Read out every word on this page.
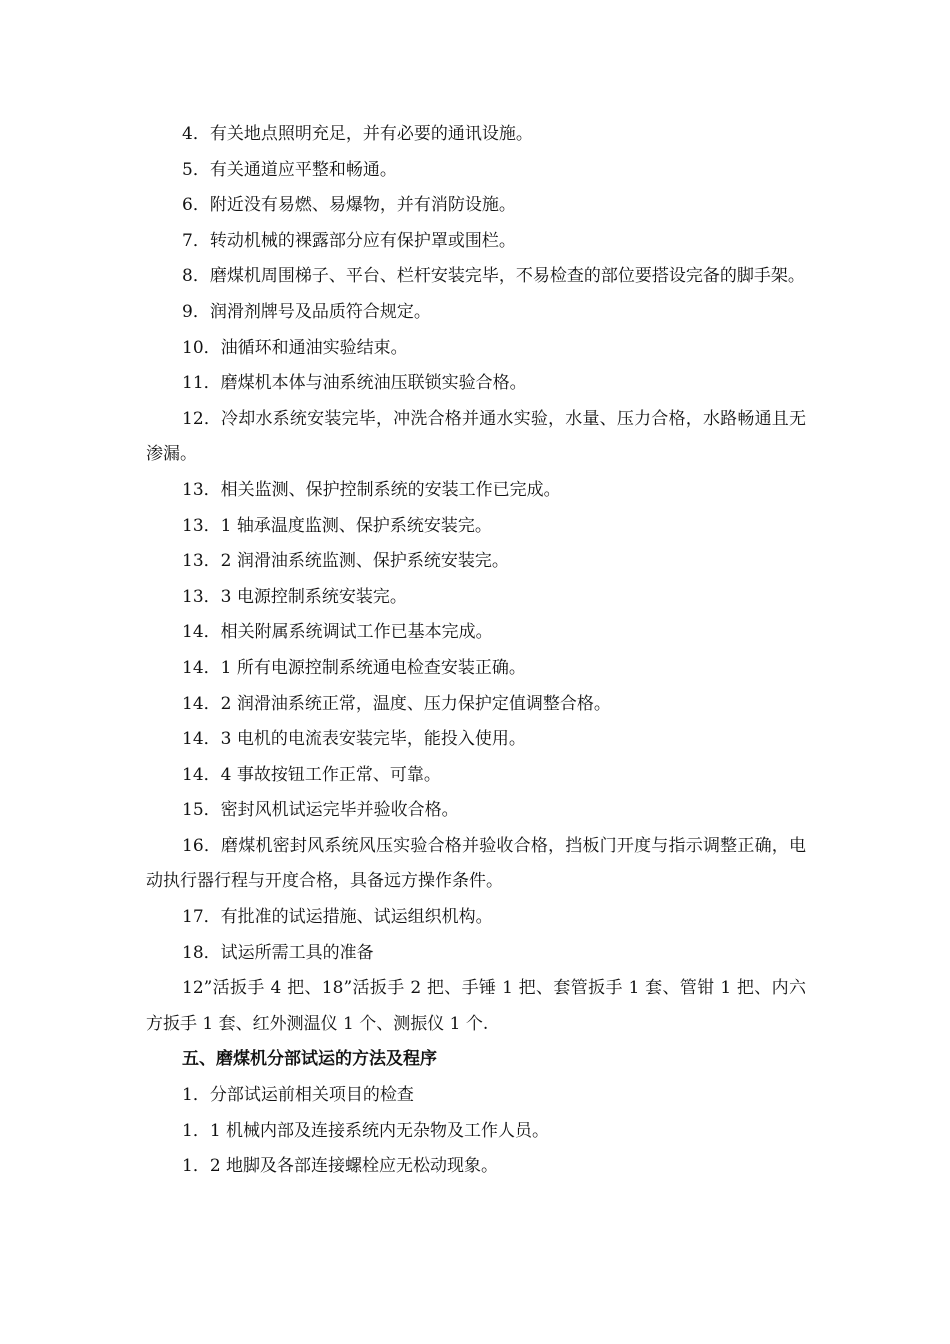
4．有关地点照明充足，并有必要的通讯设施。

5．有关通道应平整和畅通。

6．附近没有易燃、易爆物，并有消防设施。

7．转动机械的裸露部分应有保护罩或围栏。

8．磨煤机周围梯子、平台、栏杆安装完毕，不易检查的部位要搭设完备的脚手架。

9．润滑剂牌号及品质符合规定。

10．油循环和通油实验结束。

11．磨煤机本体与油系统油压联锁实验合格。

12．冷却水系统安装完毕，冲洗合格并通水实验，水量、压力合格，水路畅通且无渗漏。

13．相关监测、保护控制系统的安装工作已完成。

13．1 轴承温度监测、保护系统安装完。

13．2 润滑油系统监测、保护系统安装完。

13．3 电源控制系统安装完。

14．相关附属系统调试工作已基本完成。

14．1 所有电源控制系统通电检查安装正确。

14．2 润滑油系统正常，温度、压力保护定值调整合格。

14．3 电机的电流表安装完毕，能投入使用。

14．4 事故按钮工作正常、可靠。

15．密封风机试运完毕并验收合格。

16．磨煤机密封风系统风压实验合格并验收合格，挡板门开度与指示调整正确，电动执行器行程与开度合格，具备远方操作条件。

17．有批准的试运措施、试运组织机构。

18．试运所需工具的准备

12”活扳手 4 把、18”活扳手 2 把、手锤 1 把、套管扳手 1 套、管钳 1 把、内六方扳手 1 套、红外测温仪 1 个、测振仪 1 个.

五、磨煤机分部试运的方法及程序

1．分部试运前相关项目的检查

1．1 机械内部及连接系统内无杂物及工作人员。

1．2 地脚及各部连接螺栓应无松动现象。
